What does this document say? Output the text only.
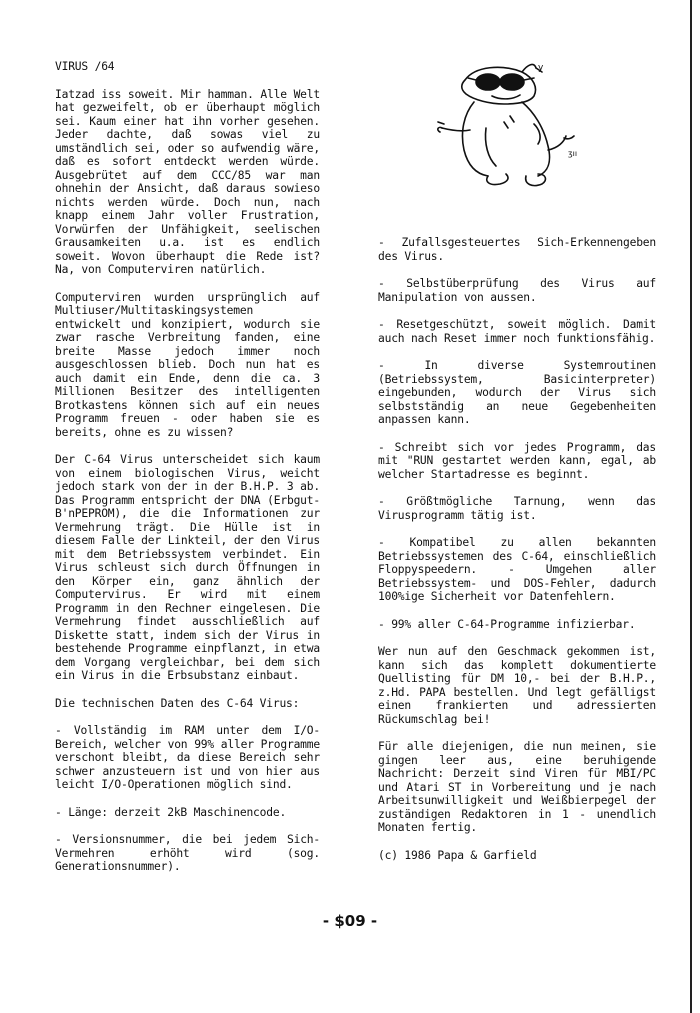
VIRUS /64

Iatzad iss soweit. Mir hamman. Alle Welt hat gezweifelt, ob er überhaupt möglich sei. Kaum einer hat ihn vorher gesehen. Jeder dachte, daß sowas viel zu umständlich sei, oder so aufwendig wäre, daß es sofort entdeckt werden würde. Ausgebrütet auf dem CCC/85 war man ohnehin der Ansicht, daß daraus sowieso nichts werden würde. Doch nun, nach knapp einem Jahr voller Frustration, Vorwürfen der Unfähigkeit, seelischen Grausamkeiten u.a. ist es endlich soweit. Wovon überhaupt die Rede ist? Na, von Computerviren natürlich.

Computerviren wurden ursprünglich auf Multiuser/Multitaskingsystemen entwickelt und konzipiert, wodurch sie zwar rasche Verbreitung fanden, eine breite Masse jedoch immer noch ausgeschlossen blieb. Doch nun hat es auch damit ein Ende, denn die ca. 3 Millionen Besitzer des intelligenten Brotkastens können sich auf ein neues Programm freuen - oder haben sie es bereits, ohne es zu wissen?

Der C-64 Virus unterscheidet sich kaum von einem biologischen Virus, weicht jedoch stark von der in der B.H.P. 3 ab. Das Programm entspricht der DNA (Erbgut-B'nPEPROM), die die Informationen zur Vermehrung trägt. Die Hülle ist in diesem Falle der Linkteil, der den Virus mit dem Betriebssystem verbindet. Ein Virus schleust sich durch Öffnungen in den Körper ein, ganz ähnlich der Computervirus. Er wird mit einem Programm in den Rechner eingelesen. Die Vermehrung findet ausschließlich auf Diskette statt, indem sich der Virus in bestehende Programme einpflanzt, in etwa dem Vorgang vergleichbar, bei dem sich ein Virus in die Erbsubstanz einbaut.

Die technischen Daten des C-64 Virus:

- Vollständig im RAM unter dem I/O-Bereich, welcher von 99% aller Programme verschont bleibt, da diese Bereich sehr schwer anzusteuern ist und von hier aus leicht I/O-Operationen möglich sind.

- Länge: derzeit 2kB Maschinencode.

- Versionsnummer, die bei jedem Sich-Vermehren erhöht wird (sog. Generationsnummer).

y
ʒıı

- Zufallsgesteuertes Sich-Erkennengeben des Virus.

- Selbstüberprüfung des Virus auf Manipulation von aussen.

- Resetgeschützt, soweit möglich. Damit auch nach Reset immer noch funktionsfähig.

- In diverse Systemroutinen (Betriebssystem, Basicinterpreter) eingebunden, wodurch der Virus sich selbstständig an neue Gegebenheiten anpassen kann.

- Schreibt sich vor jedes Programm, das mit "RUN gestartet werden kann, egal, ab welcher Startadresse es beginnt.

- Größtmögliche Tarnung, wenn das Virusprogramm tätig ist.

- Kompatibel zu allen bekannten Betriebssystemen des C-64, einschließlich Floppyspeedern. - Umgehen aller Betriebssystem- und DOS-Fehler, dadurch 100%ige Sicherheit vor Datenfehlern.

- 99% aller C-64-Programme infizierbar.

Wer nun auf den Geschmack gekommen ist, kann sich das komplett dokumentierte Quellisting für DM 10,- bei der B.H.P., z.Hd. PAPA bestellen. Und legt gefälligst einen frankierten und adressierten Rückumschlag bei!

Für alle diejenigen, die nun meinen, sie gingen leer aus, eine beruhigende Nachricht: Derzeit sind Viren für MBI/PC und Atari ST in Vorbereitung und je nach Arbeitsunwilligkeit und Weißbierpegel der zuständigen Redaktoren in 1 - unendlich Monaten fertig.

(c) 1986 Papa & Garfield

- $09 -
